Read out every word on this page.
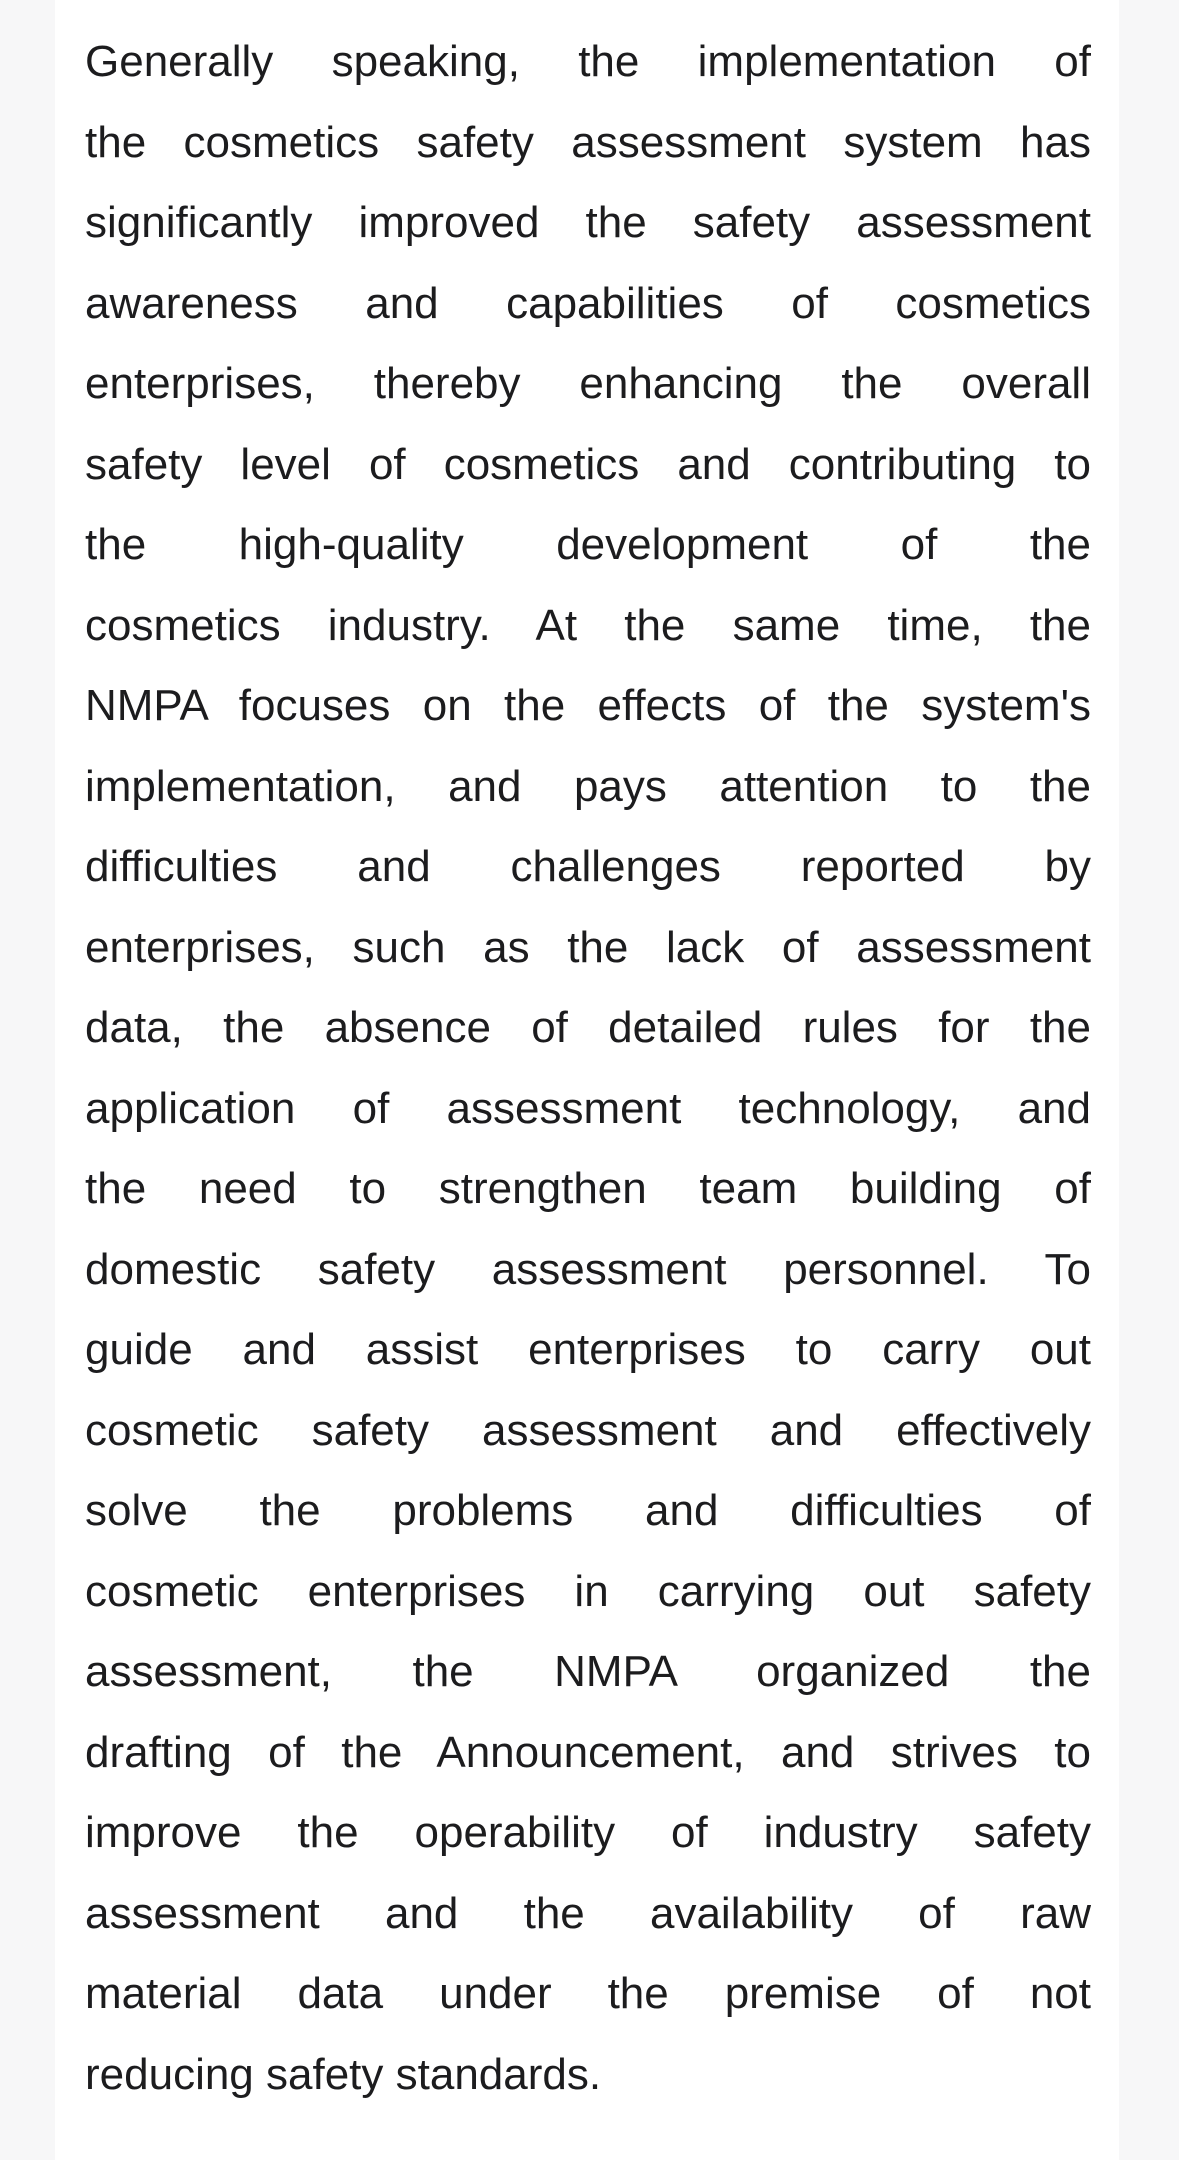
Generally speaking, the implementation of
the cosmetics safety assessment system has
significantly improved the safety assessment
awareness and capabilities of cosmetics
enterprises, thereby enhancing the overall
safety level of cosmetics and contributing to
the high-quality development of the
cosmetics industry. At the same time, the
NMPA focuses on the effects of the system's
implementation, and pays attention to the
difficulties and challenges reported by
enterprises, such as the lack of assessment
data, the absence of detailed rules for the
application of assessment technology, and
the need to strengthen team building of
domestic safety assessment personnel. To
guide and assist enterprises to carry out
cosmetic safety assessment and effectively
solve the problems and difficulties of
cosmetic enterprises in carrying out safety
assessment, the NMPA organized the
drafting of the Announcement, and strives to
improve the operability of industry safety
assessment and the availability of raw
material data under the premise of not
reducing safety standards.
